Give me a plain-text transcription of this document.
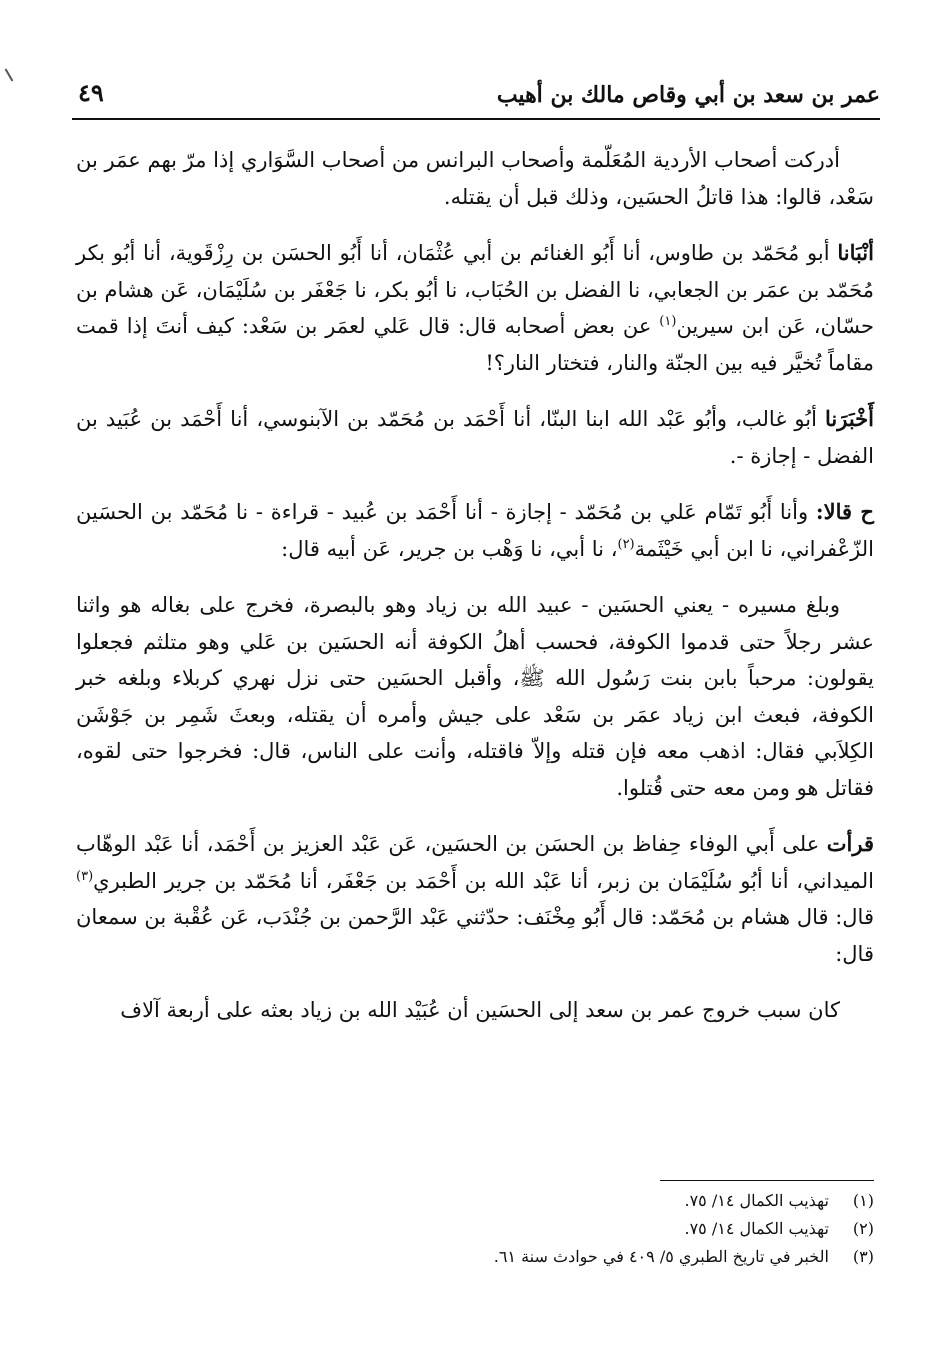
عمر بن سعد بن أبي وقاص مالك بن أهيب
٤٩

أدركت أصحاب الأردية المُعَلّمة وأصحاب البرانس من أصحاب السَّوَاري إذا مرّ بهم عمَر بن سَعْد، قالوا: هذا قاتلُ الحسَين، وذلك قبل أن يقتله.

أنْبَانا أبو مُحَمّد بن طاوس، أنا أَبُو الغنائم بن أبي عُثْمَان، أنا أَبُو الحسَن بن رِزْقَوية، أنا أبُو بكر مُحَمّد بن عمَر بن الجعابي، نا الفضل بن الحُبَاب، نا أبُو بكر، نا جَعْفَر بن سُلَيْمَان، عَن هشام بن حسّان، عَن ابن سيرين$^{(١)}$ عن بعض أصحابه قال: قال عَلي لعمَر بن سَعْد: كيف أنتَ إذا قمت مقاماً تُخيَّر فيه بين الجنّة والنار، فتختار النار؟!

أَخْبَرَنا أبُو غالب، وأبُو عَبْد الله ابنا البنّا، أنا أَحْمَد بن مُحَمّد بن الآبنوسي، أنا أَحْمَد بن عُبَيد بن الفضل - إجازة -.

ح قالا: وأنا أَبُو تَمّام عَلي بن مُحَمّد - إجازة - أنا أَحْمَد بن عُبيد - قراءة - نا مُحَمّد بن الحسَين الزّعْفراني، نا ابن أبي خَيْثَمة$^{(٢)}$، نا أبي، نا وَهْب بن جرير، عَن أبيه قال:

وبلغ مسيره - يعني الحسَين - عبيد الله بن زياد وهو بالبصرة، فخرج على بغاله هو واثنا عشر رجلاً حتى قدموا الكوفة، فحسب أهلُ الكوفة أنه الحسَين بن عَلي وهو متلثم فجعلوا يقولون: مرحباً بابن بنت رَسُول الله ﷺ، وأقبل الحسَين حتى نزل نهري كربلاء وبلغه خبر الكوفة، فبعث ابن زياد عمَر بن سَعْد على جيش وأمره أن يقتله، وبعثَ شَمِر بن جَوْشَن الكِلاَبي فقال: اذهب معه فإن قتله وإلاّ فاقتله، وأنت على الناس، قال: فخرجوا حتى لقوه، فقاتل هو ومن معه حتى قُتلوا.

قرأت على أَبي الوفاء حِفاظ بن الحسَن بن الحسَين، عَن عَبْد العزيز بن أَحْمَد، أنا عَبْد الوهّاب الميداني، أنا أبُو سُلَيْمَان بن زبر، أنا عَبْد الله بن أَحْمَد بن جَعْفَر، أنا مُحَمّد بن جرير الطبري$^{(٣)}$ قال: قال هشام بن مُحَمّد: قال أَبُو مِخْنَف: حدّثني عَبْد الرَّحمن بن جُنْدَب، عَن عُقْبة بن سمعان قال:

كان سبب خروج عمر بن سعد إلى الحسَين أن عُبَيْد الله بن زياد بعثه على أربعة آلاف

(١) تهذيب الكمال ١٤/ ٧٥.
(٢) تهذيب الكمال ١٤/ ٧٥.
(٣) الخبر في تاريخ الطبري ٥/ ٤٠٩ في حوادث سنة ٦١.
